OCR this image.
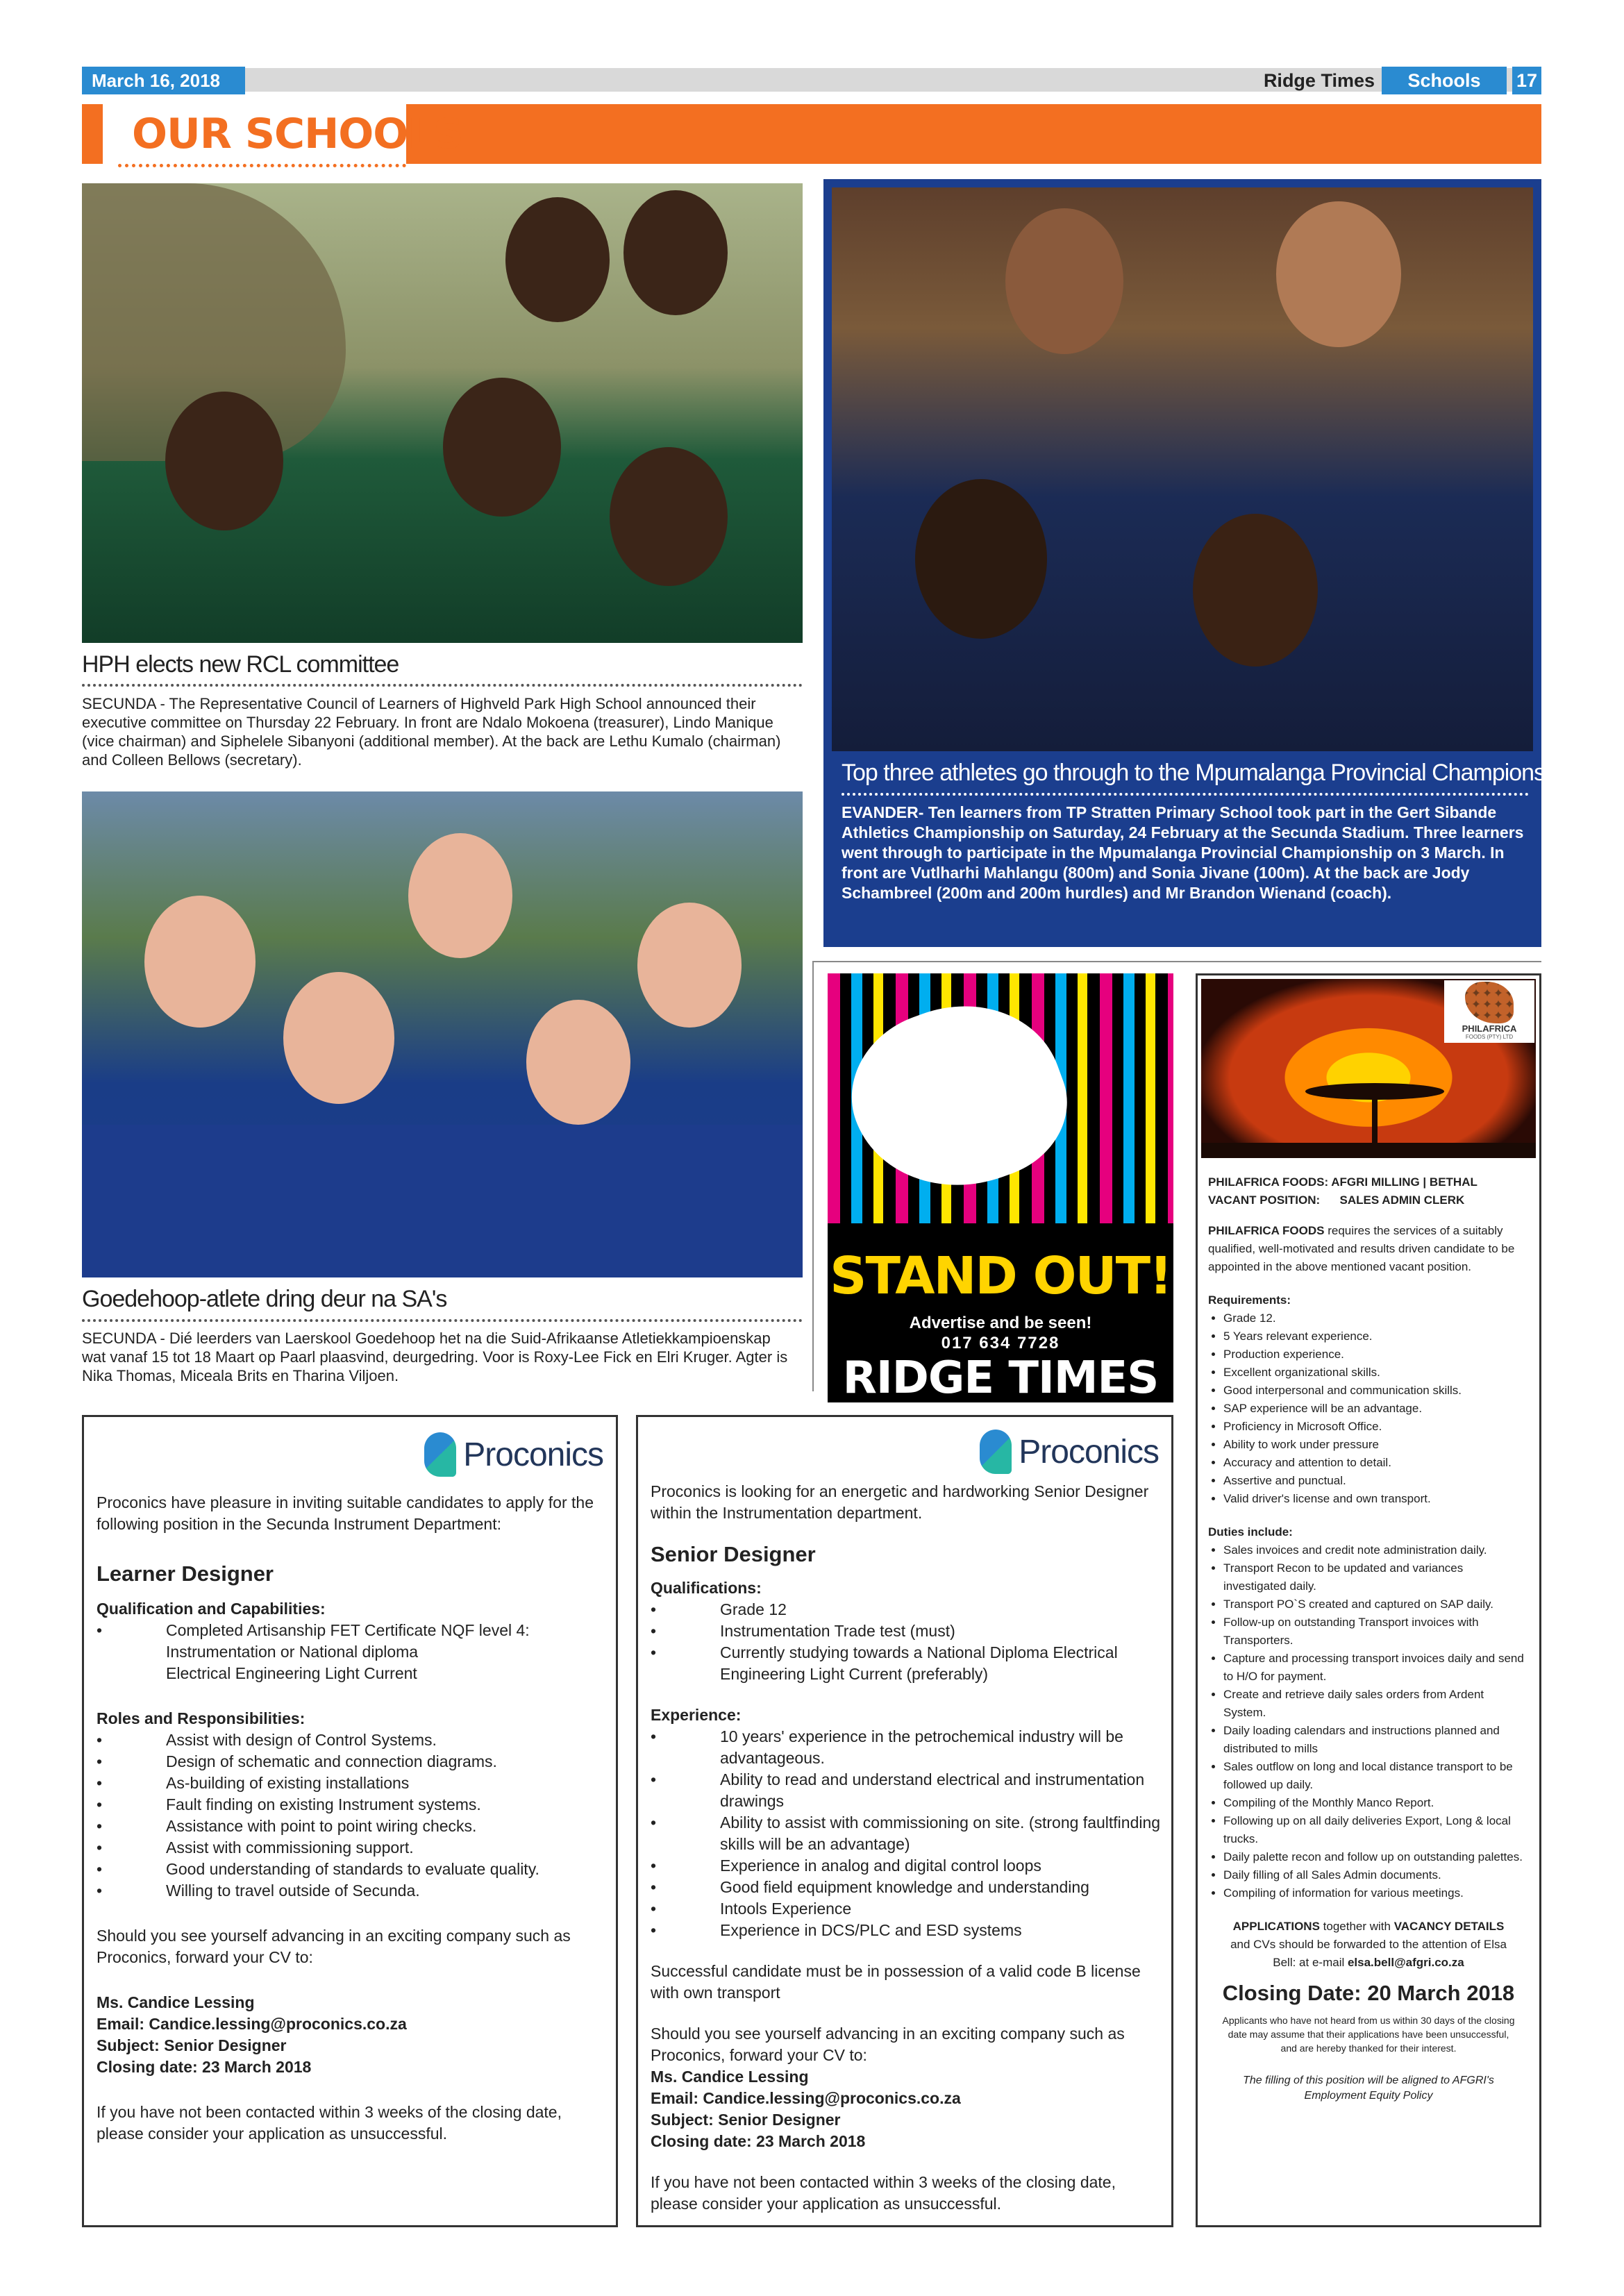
March 16, 2018	Ridge Times	Schools	17
OUR SCHOOLS
HPH elects new RCL committee
SECUNDA - The Representative Council of Learners of Highveld Park High School announced their executive committee on Thursday 22 February. In front are Ndalo Mokoena (treasurer), Lindo Manique (vice chairman) and Siphelele Sibanyoni (additional member). At the back are Lethu Kumalo (chairman) and Colleen Bellows (secretary).
Goedehoop-atlete dring deur na SA's
SECUNDA - Dié leerders van Laerskool Goedehoop het na die Suid-Afrikaanse Atletiekkampioenskap wat vanaf 15 tot 18 Maart op Paarl plaasvind, deurgedring. Voor is Roxy-Lee Fick en Elri Kruger. Agter is Nika Thomas, Miceala Brits en Tharina Viljoen.
Top three athletes go through to the Mpumalanga Provincial Championship
EVANDER- Ten learners from TP Stratten Primary School took part in the Gert Sibande Athletics Championship on Saturday, 24 February at the Secunda Stadium. Three learners went through to participate in the Mpumalanga Provincial Championship on 3 March. In front are Vutlharhi Mahlangu (800m) and Sonia Jivane (100m). At the back are Jody Schambreel (200m and 200m hurdles) and Mr Brandon Wienand (coach).
STAND OUT!
Advertise and be seen!
017 634 7728
RIDGE TIMES
PHILAFRICA
FOODS (PTY) LTD
PHILAFRICA FOODS: AFGRI MILLING | BETHAL
VACANT POSITION: SALES ADMIN CLERK
PHILAFRICA FOODS requires the services of a suitably qualified, well-motivated and results driven candidate to be appointed in the above mentioned vacant position.
Requirements:
• Grade 12.
• 5 Years relevant experience.
• Production experience.
• Excellent organizational skills.
• Good interpersonal and communication skills.
• SAP experience will be an advantage.
• Proficiency in Microsoft Office.
• Ability to work under pressure
• Accuracy and attention to detail.
• Assertive and punctual.
• Valid driver's license and own transport.
Duties include:
• Sales invoices and credit note administration daily.
• Transport Recon to be updated and variances investigated daily.
• Transport PO`S created and captured on SAP daily.
• Follow-up on outstanding Transport invoices with Transporters.
• Capture and processing transport invoices daily and send to H/O for payment.
• Create and retrieve daily sales orders from Ardent System.
• Daily loading calendars and instructions planned and distributed to mills
• Sales outflow on long and local distance transport to be followed up daily.
• Compiling of the Monthly Manco Report.
• Following up on all daily deliveries Export, Long & local trucks.
• Daily palette recon and follow up on outstanding palettes.
• Daily filling of all Sales Admin documents.
• Compiling of information for various meetings.
APPLICATIONS together with VACANCY DETAILS and CVs should be forwarded to the attention of Elsa Bell: at e-mail elsa.bell@afgri.co.za
Closing Date: 20 March 2018
Applicants who have not heard from us within 30 days of the closing date may assume that their applications have been unsuccessful, and are hereby thanked for their interest.
The filling of this position will be aligned to AFGRI's Employment Equity Policy
Proconics
Proconics have pleasure in inviting suitable candidates to apply for the following position in the Secunda Instrument Department:
Learner Designer
Qualification and Capabilities:
•	Completed Artisanship FET Certificate NQF level 4:
Instrumentation or National diploma
Electrical Engineering Light Current
Roles and Responsibilities:
•	Assist with design of Control Systems.
•	Design of schematic and connection diagrams.
•	As-building of existing installations
•	Fault finding on existing Instrument systems.
•	Assistance with point to point wiring checks.
•	Assist with commissioning support.
•	Good understanding of standards to evaluate quality.
•	Willing to travel outside of Secunda.
Should you see yourself advancing in an exciting company such as Proconics, forward your CV to:
Ms. Candice Lessing
Email: Candice.lessing@proconics.co.za
Subject: Senior Designer
Closing date: 23 March 2018
If you have not been contacted within 3 weeks of the closing date, please consider your application as unsuccessful.
Proconics
Proconics is looking for an energetic and hardworking Senior Designer within the Instrumentation department.
Senior Designer
Qualifications:
•	Grade 12
•	Instrumentation Trade test (must)
•	Currently studying towards a National Diploma Electrical Engineering Light Current (preferably)
Experience:
•	10 years' experience in the petrochemical industry will be advantageous.
•	Ability to read and understand electrical and instrumentation drawings
•	Ability to assist with commissioning on site. (strong faultfinding skills will be an advantage)
•	Experience in analog and digital control loops
•	Good field equipment knowledge and understanding
•	Intools Experience
•	Experience in DCS/PLC and ESD systems
Successful candidate must be in possession of a valid code B license with own transport
Should you see yourself advancing in an exciting company such as Proconics, forward your CV to:
Ms. Candice Lessing
Email: Candice.lessing@proconics.co.za
Subject: Senior Designer
Closing date: 23 March 2018
If you have not been contacted within 3 weeks of the closing date, please consider your application as unsuccessful.
